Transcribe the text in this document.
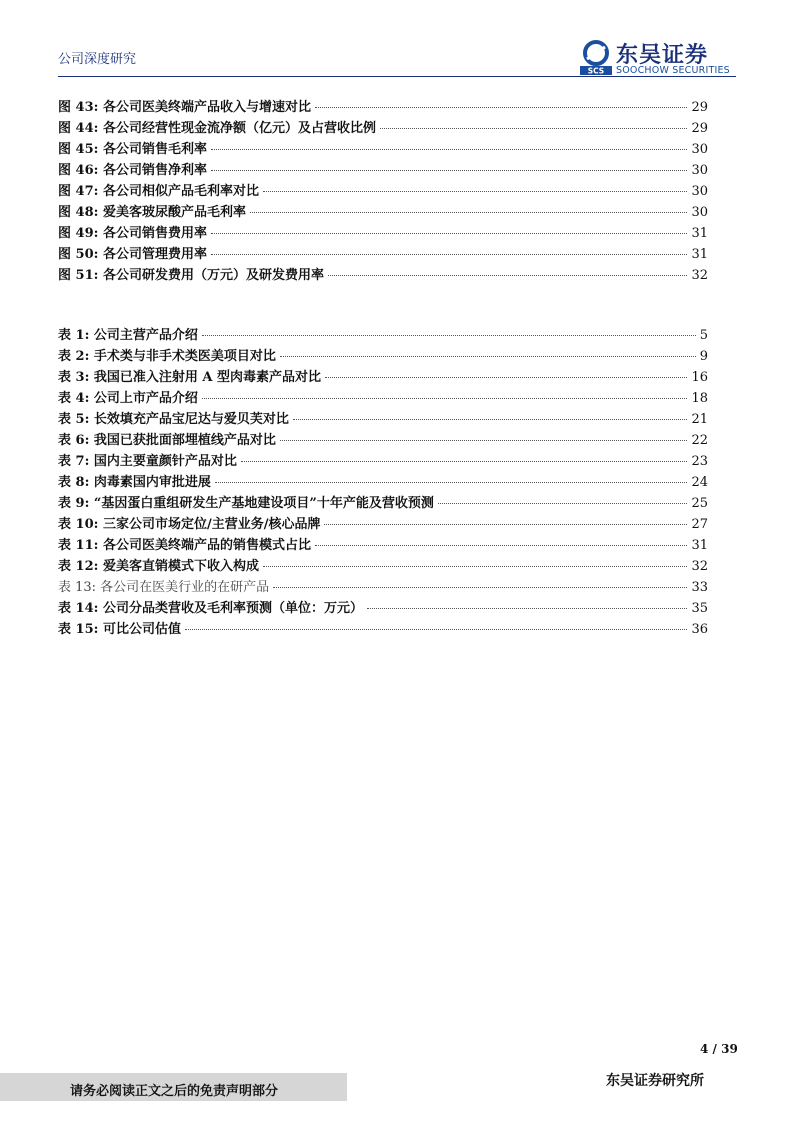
公司深度研究
SCS
东吴证券
SOOCHOW SECURITIES
图 43: 各公司医美终端产品收入与增速对比	29
图 44: 各公司经营性现金流净额（亿元）及占营收比例	29
图 45: 各公司销售毛利率	30
图 46: 各公司销售净利率	30
图 47: 各公司相似产品毛利率对比	30
图 48: 爱美客玻尿酸产品毛利率	30
图 49: 各公司销售费用率	31
图 50: 各公司管理费用率	31
图 51: 各公司研发费用（万元）及研发费用率	32
表 1: 公司主营产品介绍	5
表 2: 手术类与非手术类医美项目对比	9
表 3: 我国已准入注射用 A 型肉毒素产品对比	16
表 4: 公司上市产品介绍	18
表 5: 长效填充产品宝尼达与爱贝芙对比	21
表 6: 我国已获批面部埋植线产品对比	22
表 7: 国内主要童颜针产品对比	23
表 8: 肉毒素国内审批进展	24
表 9: “基因蛋白重组研发生产基地建设项目”十年产能及营收预测	25
表 10: 三家公司市场定位/主营业务/核心品牌	27
表 11: 各公司医美终端产品的销售模式占比	31
表 12: 爱美客直销模式下收入构成	32
表 13: 各公司在医美行业的在研产品	33
表 14: 公司分品类营收及毛利率预测（单位：万元）	35
表 15: 可比公司估值	36
4 / 39
请务必阅读正文之后的免责声明部分
东吴证券研究所
